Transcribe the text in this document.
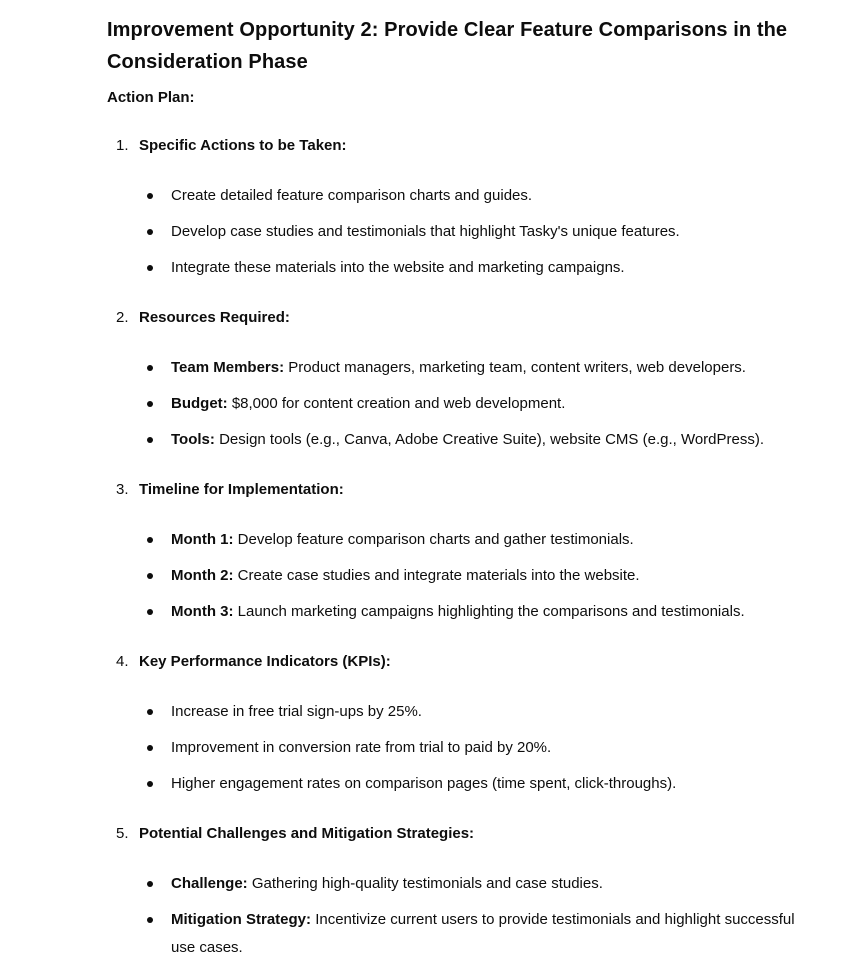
Improvement Opportunity 2: Provide Clear Feature Comparisons in the Consideration Phase

Action Plan:

1. Specific Actions to be Taken:
Create detailed feature comparison charts and guides.
Develop case studies and testimonials that highlight Tasky's unique features.
Integrate these materials into the website and marketing campaigns.
2. Resources Required:
Team Members: Product managers, marketing team, content writers, web developers.
Budget: $8,000 for content creation and web development.
Tools: Design tools (e.g., Canva, Adobe Creative Suite), website CMS (e.g., WordPress).
3. Timeline for Implementation:
Month 1: Develop feature comparison charts and gather testimonials.
Month 2: Create case studies and integrate materials into the website.
Month 3: Launch marketing campaigns highlighting the comparisons and testimonials.
4. Key Performance Indicators (KPIs):
Increase in free trial sign-ups by 25%.
Improvement in conversion rate from trial to paid by 20%.
Higher engagement rates on comparison pages (time spent, click-throughs).
5. Potential Challenges and Mitigation Strategies:
Challenge: Gathering high-quality testimonials and case studies.
Mitigation Strategy: Incentivize current users to provide testimonials and highlight successful use cases.
